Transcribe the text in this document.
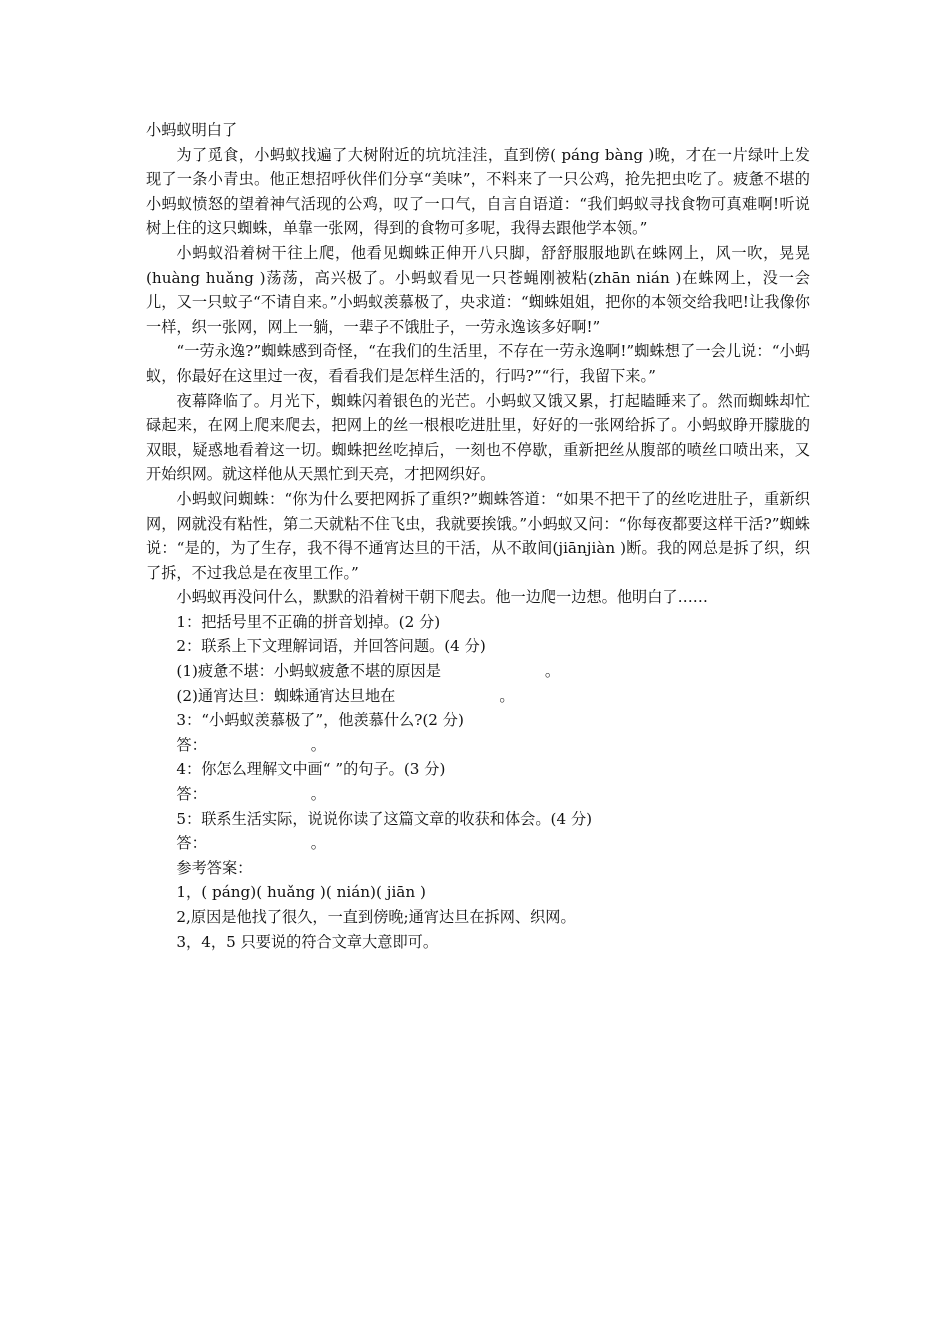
小蚂蚁明白了

为了觅食，小蚂蚁找遍了大树附近的坑坑洼洼，直到傍( páng bàng )晚，才在一片绿叶上发现了一条小青虫。他正想招呼伙伴们分享“美味”，不料来了一只公鸡，抢先把虫吃了。疲惫不堪的小蚂蚁愤怒的望着神气活现的公鸡，叹了一口气，自言自语道：“我们蚂蚁寻找食物可真难啊!听说树上住的这只蜘蛛，单靠一张网，得到的食物可多呢，我得去跟他学本领。”

小蚂蚁沿着树干往上爬，他看见蜘蛛正伸开八只脚，舒舒服服地趴在蛛网上，风一吹，晃晃(huàng huǎng )荡荡，高兴极了。小蚂蚁看见一只苍蝇刚被粘(zhān nián )在蛛网上，没一会儿，又一只蚊子“不请自来。”小蚂蚁羡慕极了，央求道：“蜘蛛姐姐，把你的本领交给我吧!让我像你一样，织一张网，网上一躺，一辈子不饿肚子，一劳永逸该多好啊!”

“一劳永逸?”蜘蛛感到奇怪，“在我们的生活里，不存在一劳永逸啊!”蜘蛛想了一会儿说：“小蚂蚁，你最好在这里过一夜，看看我们是怎样生活的，行吗?”“行，我留下来。”

夜幕降临了。月光下，蜘蛛闪着银色的光芒。小蚂蚁又饿又累，打起瞌睡来了。然而蜘蛛却忙碌起来，在网上爬来爬去，把网上的丝一根根吃进肚里，好好的一张网给拆了。小蚂蚁睁开朦胧的双眼，疑惑地看着这一切。蜘蛛把丝吃掉后，一刻也不停歇，重新把丝从腹部的喷丝口喷出来，又开始织网。就这样他从天黑忙到天亮，才把网织好。

小蚂蚁问蜘蛛：“你为什么要把网拆了重织?”蜘蛛答道：“如果不把干了的丝吃进肚子，重新织网，网就没有粘性，第二天就粘不住飞虫，我就要挨饿。”小蚂蚁又问：“你每夜都要这样干活?”蜘蛛说：“是的，为了生存，我不得不通宵达旦的干活，从不敢间(jiānjiàn )断。我的网总是拆了织，织了拆，不过我总是在夜里工作。”

小蚂蚁再没问什么，默默的沿着树干朝下爬去。他一边爬一边想。他明白了……

1：把括号里不正确的拼音划掉。(2 分)

2：联系上下文理解词语，并回答问题。(4 分)

(1)疲惫不堪：小蚂蚁疲惫不堪的原因是	。

(2)通宵达旦：蜘蛛通宵达旦地在	。

3：“小蚂蚁羡慕极了”，他羡慕什么?(2 分)

答：	。

4：你怎么理解文中画“ ”的句子。(3 分)

答：	。

5：联系生活实际，说说你读了这篇文章的收获和体会。(4 分)

答：	。

参考答案：

1，( páng)( huǎng )( nián)( jiān )

2,原因是他找了很久，一直到傍晚;通宵达旦在拆网、织网。

3，4，5 只要说的符合文章大意即可。
